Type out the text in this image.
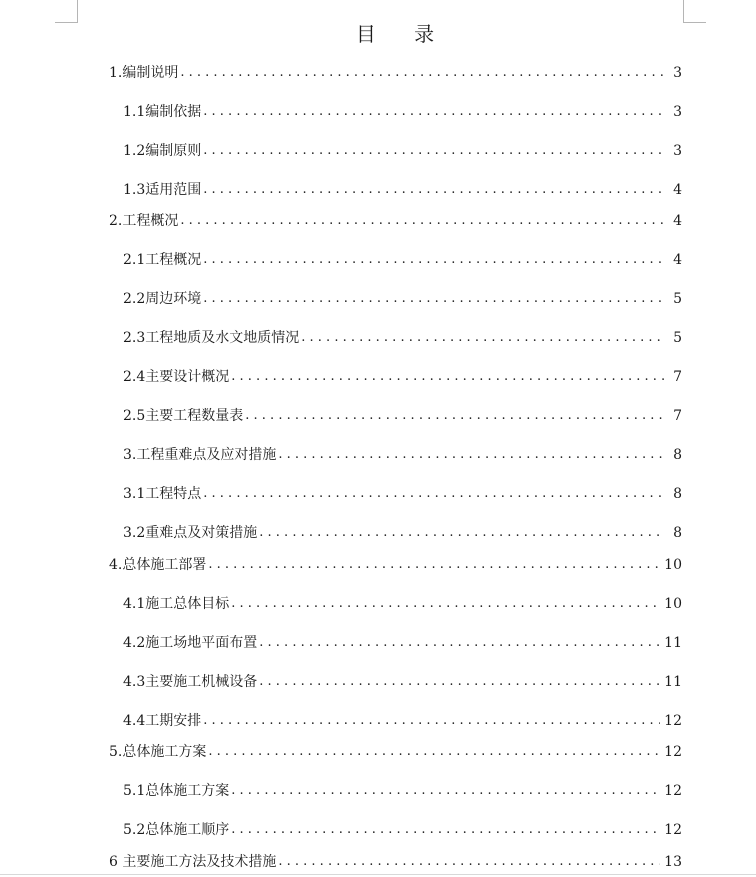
目 录
1.编制说明 . . .	3
1.1编制依据 . . .	3
1.2编制原则 . . .	3
1.3适用范围 . . .	4
2.工程概况 . . .	4
2.1工程概况 . . .	4
2.2周边环境 . . .	5
2.3工程地质及水文地质情况 . . .	5
2.4主要设计概况 . . .	7
2.5主要工程数量表 . . .	7
3.工程重难点及应对措施 . . .	8
3.1工程特点 . . .	8
3.2重难点及对策措施 . . .	8
4.总体施工部署 . . .	10
4.1施工总体目标 . . .	10
4.2施工场地平面布置 . . .	11
4.3主要施工机械设备 . . .	11
4.4工期安排 . . .	12
5.总体施工方案 . . .	12
5.1总体施工方案 . . .	12
5.2总体施工顺序 . . .	12
6 主要施工方法及技术措施 . . .	13
